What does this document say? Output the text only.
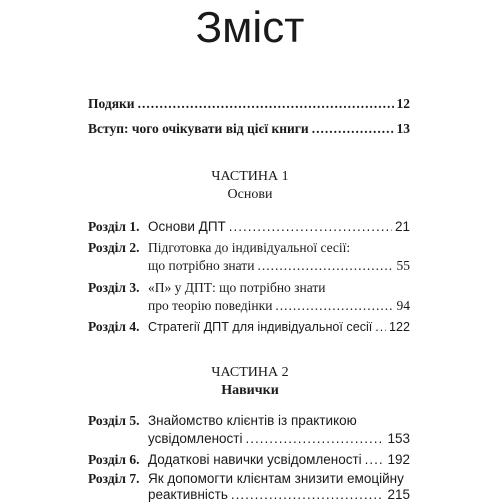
Зміст
Подяки .....	12
Вступ: чого очікувати від цієї книги .....	13
ЧАСТИНА 1
Основи
Розділ 1. Основи ДПТ .....	21
Розділ 2. Підготовка до індивідуальної сесії:
що потрібно знати .....	55
Розділ 3. «П» у ДПТ: що потрібно знати
про теорію поведінки .....	94
Розділ 4. Стратегії ДПТ для індивідуальної сесії ..... 122
ЧАСТИНА 2
Навички
Розділ 5. Знайомство клієнтів із практикою
усвідомленості .....	153
Розділ 6. Додаткові навички усвідомленості ..... 192
Розділ 7. Як допомогти клієнтам знизити емоційну
реактивність .....	215
